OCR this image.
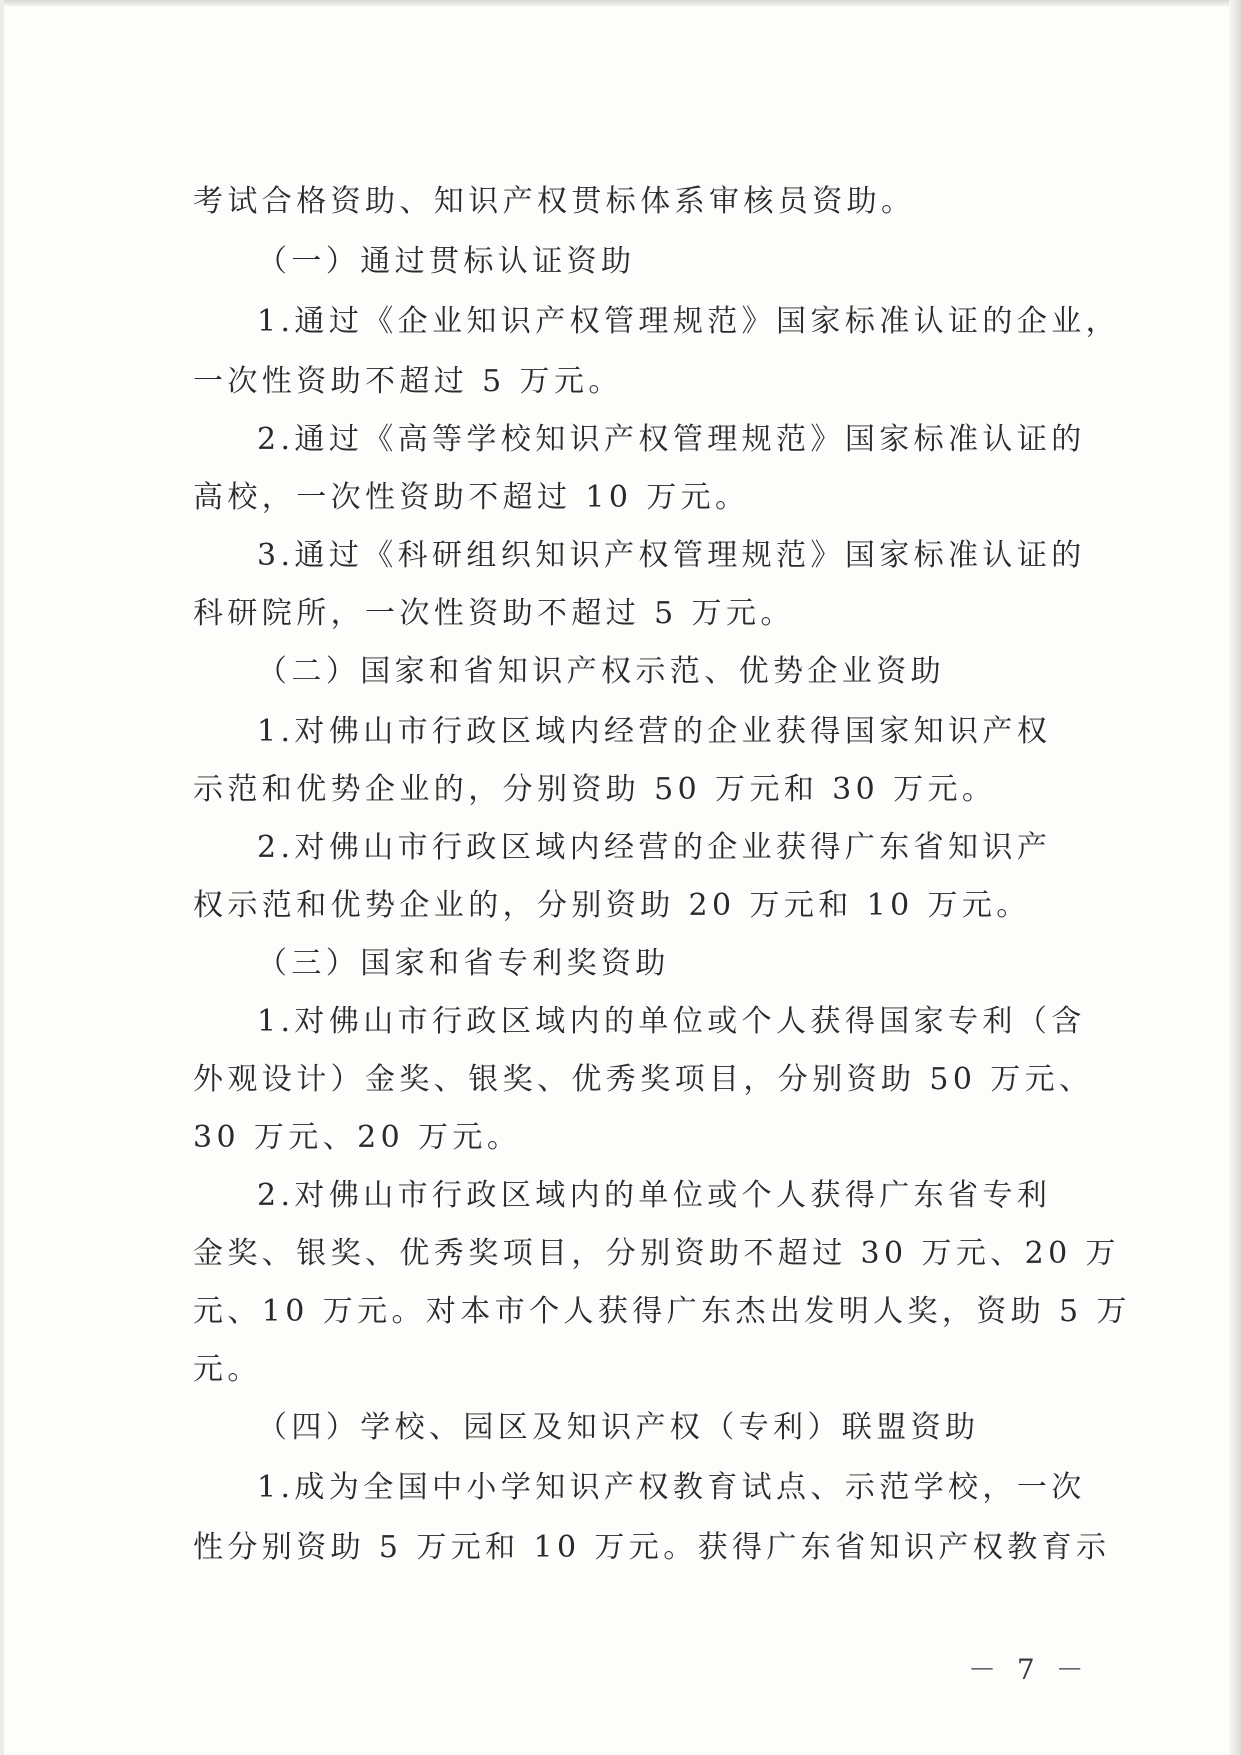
考试合格资助、知识产权贯标体系审核员资助。
（一）通过贯标认证资助
1.通过《企业知识产权管理规范》国家标准认证的企业，
一次性资助不超过 5 万元。
2.通过《高等学校知识产权管理规范》国家标准认证的
高校，一次性资助不超过 10 万元。
3.通过《科研组织知识产权管理规范》国家标准认证的
科研院所，一次性资助不超过 5 万元。
（二）国家和省知识产权示范、优势企业资助
1.对佛山市行政区域内经营的企业获得国家知识产权
示范和优势企业的，分别资助 50 万元和 30 万元。
2.对佛山市行政区域内经营的企业获得广东省知识产
权示范和优势企业的，分别资助 20 万元和 10 万元。
（三）国家和省专利奖资助
1.对佛山市行政区域内的单位或个人获得国家专利（含
外观设计）金奖、银奖、优秀奖项目，分别资助 50 万元、
30 万元、20 万元。
2.对佛山市行政区域内的单位或个人获得广东省专利
金奖、银奖、优秀奖项目，分别资助不超过 30 万元、20 万
元、10 万元。对本市个人获得广东杰出发明人奖，资助 5 万
元。
（四）学校、园区及知识产权（专利）联盟资助
1.成为全国中小学知识产权教育试点、示范学校，一次
性分别资助 5 万元和 10 万元。获得广东省知识产权教育示
－ 7 －
